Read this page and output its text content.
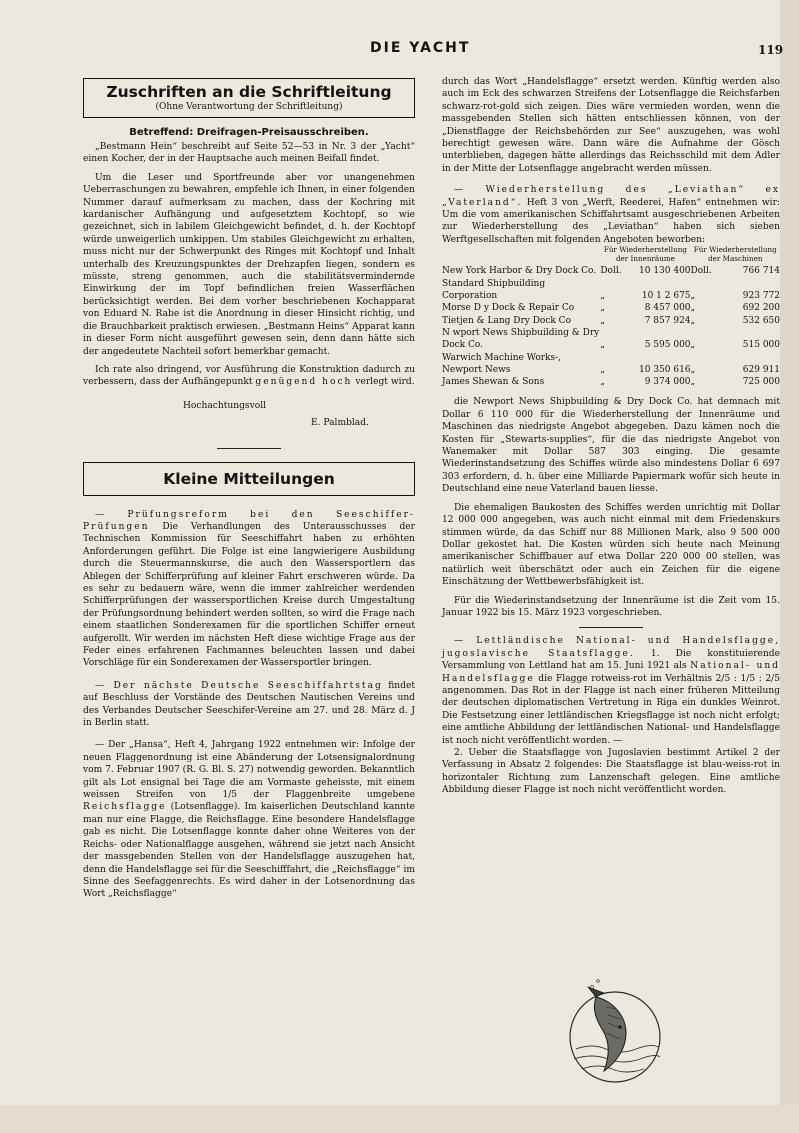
DIE YACHT	119
Zuschriften an die Schriftleitung
(Ohne Verantwortung der Schriftleitung)
Betreffend: Dreifragen-Preisausschreiben.

„Bestmann Hein“ beschreibt auf Seite 52—53 in Nr. 3 der „Yacht“ einen Kocher, der in der Hauptsache auch meinen Beifall findet.

Um die Leser und Sportfreunde aber vor unangenehmen Ueberraschungen zu bewahren, empfehle ich Ihnen, in einer folgenden Nummer darauf aufmerksam zu machen, dass der Kochring mit kardanischer Aufhängung und aufgesetztem Kochtopf, so wie gezeichnet, sich in labilem Gleichgewicht befindet, d. h. der Kochtopf würde unweigerlich umkippen. Um stabiles Gleichgewicht zu erhalten, muss nicht nur der Schwerpunkt des Ringes mit Kochtopf und Inhalt unterhalb des Kreuzungspunktes der Drehzapfen liegen, sondern es müsste, streng genommen, auch die stabilitätsvermindernde Einwirkung der im Topf befindlichen freien Wasserflächen berücksichtigt werden. Bei dem vorher beschriebenen Kochapparat von Eduard N. Rabe ist die Anordnung in dieser Hinsicht richtig, und die Brauchbarkeit praktisch erwiesen. „Bestmann Heins“ Apparat kann in dieser Form nicht ausgeführt gewesen sein, denn dann hätte sich der angedeutete Nachteil sofort bemerkbar gemacht.

Ich rate also dringend, vor Ausführung die Konstruktion dadurch zu verbessern, dass der Aufhängepunkt genügend hoch verlegt wird.

Hochachtungsvoll
E. Palmblad.
Kleine Mitteilungen

— Prüfungsreform bei den Seeschiffer-Prüfungen Die Verhandlungen des Unterausschusses der Technischen Kommission für Seeschiffahrt haben zu erhöhten Anforderungen geführt. Die Folge ist eine langwierigere Ausbildung durch die Steuermannskurse, die auch den Wassersportlern das Ablegen der Schifferprüfung auf kleiner Fahrt erschweren würde. Da es sehr zu bedauern wäre, wenn die immer zahlreicher werdenden Schifferprüfungen der wassersportlichen Kreise durch Umgestaltung der Prüfungsordnung behindert werden sollten, so wird die Frage nach einem staatlichen Sonderexamen für die sportlichen Schiffer erneut aufgerollt. Wir werden im nächsten Heft diese wichtige Frage aus der Feder eines erfahrenen Fachmannes beleuchten lassen und dabei Vorschläge für ein Sonderexamen der Wassersportler bringen.

— Der nächste Deutsche Seeschiffahrtstag findet auf Beschluss der Vorstände des Deutschen Nautischen Vereins und des Verbandes Deutscher Seeschifer-Vereine am 27. und 28. März d. J in Berlin statt.

— Der „Hansa“, Heft 4, Jahrgang 1922 entnehmen wir: Infolge der neuen Flaggenordnung ist eine Abänderung der Lotsensignalordnung vom 7. Februar 1907 (R. G. Bl. S. 27) notwendig geworden. Bekanntlich gilt als Lot ensignal bei Tage die am Vormaste geheisste, mit einem weissen Streifen von 1/5 der Flaggenbreite umgebene Reichsflagge (Lotsenflagge). Im kaiserlichen Deutschland kannte man nur eine Flagge, die Reichsflagge. Eine besondere Handelsflagge gab es nicht. Die Lotsenflagge konnte daher ohne Weiteres von der Reichs- oder Nationalflagge ausgehen, während sie jetzt nach Ansicht der massgebenden Stellen von der Handelsflagge auszugehen hat, denn die Handelsflagge sei für die Seeschifffahrt, die „Reichsflagge“ im Sinne des Seefaggenrechts. Es wird daher in der Lotsenordnung das Wort „Reichsflagge“

durch das Wort „Handelsflagge“ ersetzt werden. Künftig werden also auch im Eck des schwarzen Streifens der Lotsenflagge die Reichsfarben schwarz-rot-gold sich zeigen. Dies wäre vermieden worden, wenn die massgebenden Stellen sich hätten entschliessen können, von der „Dienstflagge der Reichsbehörden zur See“ auszugehen, was wohl berechtigt gewesen wäre. Dann wäre die Aufnahme der Gösch unterblieben, dagegen hätte allerdings das Reichsschild mit dem Adler in der Mitte der Lotsenflagge angebracht werden müssen.

— Wiederherstellung des „Leviathan“ ex „Vaterland“. Heft 3 von „Werft, Reederei, Hafen“ entnehmen wir: Um die vom amerikanischen Schiffahrtsamt ausgeschriebenen Arbeiten zur Wiederherstellung des „Leviathan“ haben sich sieben Werftgesellschaften mit folgenden Angeboten beworben:

	Für Wiederherstellung der Innenräume		Für Wiederherstellung der Maschinen	
New York Harbor & Dry Dock Co.	Doll.	10 130 400	Doll.	766 714
Standard Shipbuilding Corporation	„	10 1 2 675	„	923 772
Morse D y Dock & Repair Co	„	8 457 000	„	692 200
Tietjen & Lang Dry Dock Co	„	7 857 924	„	532 650
N wport News Shipbuilding & Dry Dock Co.	„	5 595 000	„	515 000
Warwich Machine Works-, Newport News	„	10 350 616	„	629 911
James Shewan & Sons	„	9 374 000	„	725 000

die Newport News Shipbuilding & Dry Dock Co. hat demnach mit Dollar 6 110 000 für die Wiederherstellung der Innenräume und Maschinen das niedrigste Angebot abgegeben. Dazu kämen noch die Kosten für „Stewarts-supplies“, für die das niedrigste Angebot von Wanemaker mit Dollar 587 303 einging. Die gesamte Wiederinstandsetzung des Schiffes würde also mindestens Dollar 6 697 303 erfordern, d. h. über eine Milliarde Papiermark wofür sich heute in Deutschland eine neue Vaterland bauen liesse.

Die ehemaligen Baukosten des Schiffes werden unrichtig mit Dollar 12 000 000 angegeben, was auch nicht einmal mit dem Friedenskurs stimmen würde, da das Schiff nur 88 Millionen Mark, also 9 500 000 Dollar gekostet hat. Die Kosten würden sich heute nach Meinung amerikanischer Schiffbauer auf etwa Dollar 220 000 00 stellen, was natürlich weit überschätzt oder auch ein Zeichen für die eigene Einschätzung der Wettbewerbsfähigkeit ist.

Für die Wiederinstandsetzung der Innenräume ist die Zeit vom 15. Januar 1922 bis 15. März 1923 vorgeschrieben.

— Lettländische National- und Handelsflagge, jugoslavische Staatsflagge. 1. Die konstituierende Versammlung von Lettland hat am 15. Juni 1921 als National- und Handelsflagge die Flagge rotweiss-rot im Verhältnis 2/5 : 1/5 : 2/5 angenommen. Das Rot in der Flagge ist nach einer früheren Mitteilung der deutschen diplomatischen Vertretung in Riga ein dunkles Weinrot. Die Festsetzung einer lettländischen Kriegsflagge ist noch nicht erfolgt; eine amtliche Abbildung der lettländischen National- und Handelsflagge ist noch nicht veröffentlicht worden. —

2. Ueber die Staatsflagge von Jugoslavien bestimmt Artikel 2 der Verfassung in Absatz 2 folgendes: Die Staatsflagge ist blau-weiss-rot in horizontaler Richtung zum Lanzenschaft gelegen. Eine amtliche Abbildung dieser Flagge ist noch nicht veröffentlicht worden.
